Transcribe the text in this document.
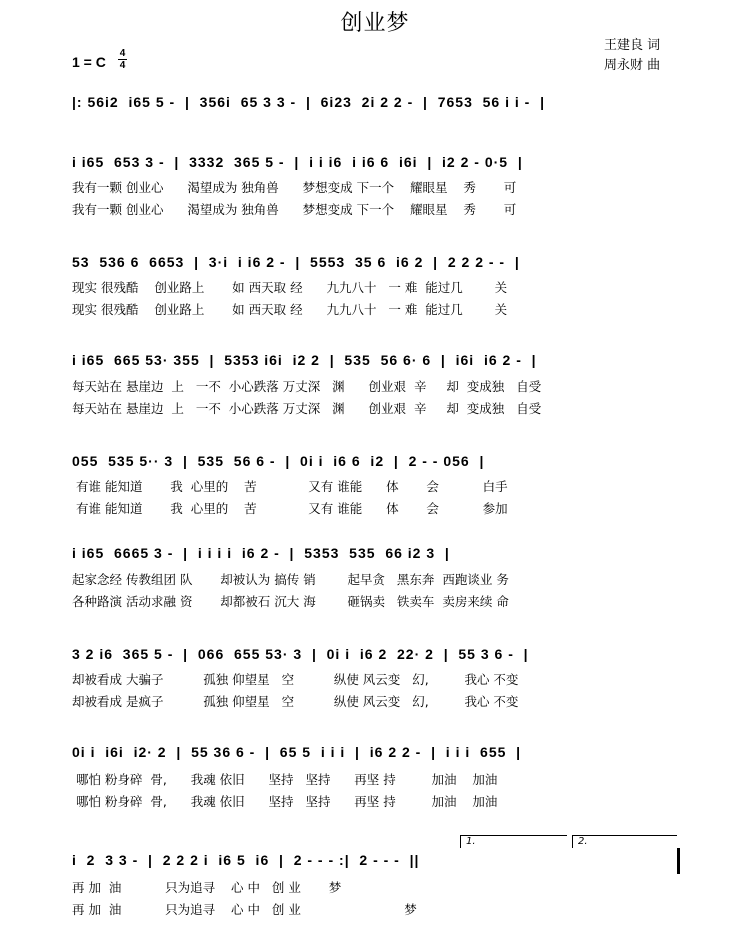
创业梦
王建良 词
周永财 曲
1 = C
4
4
|: 56i2  i65 5 -  |  356i  65 3 3 -  |  6i23  2i 2 2 -  |  7653  56 i i -  |
i i65  653 3 -  |  3332  365 5 -  |  i i i6  i i6 6  i6i  |  i2 2 - 0·5  |
我有一颗 创业心      渴望成为 独角兽      梦想变成 下一个    耀眼星    秀       可
我有一颗 创业心      渴望成为 独角兽      梦想变成 下一个    耀眼星    秀       可
53  536 6  6653  |  3·i  i i6 2 -  |  5553  35 6  i6 2  |  2 2 2 - -  |
现实 很残酷    创业路上       如 西天取 经      九九八十   一 难  能过几        关
现实 很残酷    创业路上       如 西天取 经      九九八十   一 难  能过几        关
i i65  665 53· 355  |  5353 i6i  i2 2  |  535  56 6· 6  |  i6i  i6 2 -  |
每天站在 悬崖边  上   一不  小心跌落 万丈深   渊      创业艰  辛     却  变成独   自受
每天站在 悬崖边  上   一不  小心跌落 万丈深   渊      创业艰  辛     却  变成独   自受
055  535 5·· 3  |  535  56 6 -  |  0i i  i6 6  i2  |  2 - - 056  |
有谁 能知道       我  心里的    苦             又有 谁能      体       会           白手
有谁 能知道       我  心里的    苦             又有 谁能      体       会           参加
i i65  6665 3 -  |  i i i i  i6 2 -  |  5353  535  66 i2 3  |
起家念经 传教组团 队       却被认为 搞传 销        起早贪   黑东奔  西跑谈业 务
各种路演 活动求融 资       却都被石 沉大 海        砸锅卖   铁卖车  卖房来续 命
3 2 i6  365 5 -  |  066  655 53· 3  |  0i i  i6 2  22· 2  |  55 3 6 -  |
却被看成 大骗子          孤独 仰望星   空          纵使 风云变   幻,         我心 不变
却被看成 是疯子          孤独 仰望星   空          纵使 风云变   幻,         我心 不变
0i i  i6i  i2· 2  |  55 36 6 -  |  65 5  i i i  |  i6 2 2 -  |  i i i  655  |
哪怕 粉身碎  骨,      我魂 依旧      坚持   坚持      再坚 持         加油    加油
哪怕 粉身碎  骨,      我魂 依旧      坚持   坚持      再坚 持         加油    加油
1.	2.
i  2  3 3 -  |  2 2 2 i  i6 5  i6  |  2 - - - :|  2 - - -  ||
再 加  油           只为追寻    心 中   创 业       梦
再 加  油           只为追寻    心 中   创 业                          梦
